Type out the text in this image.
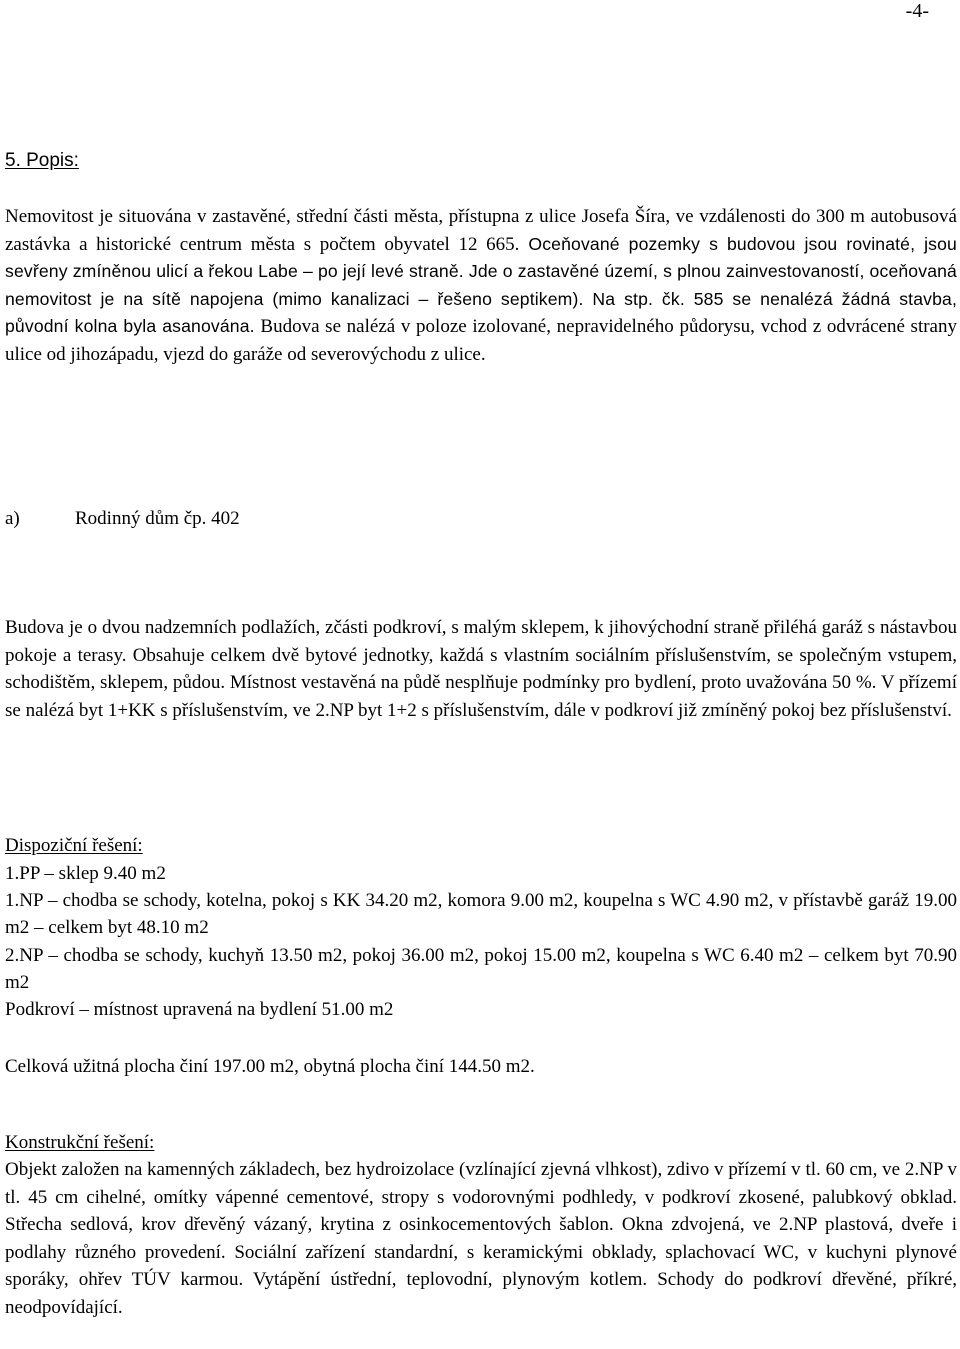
-4-
5. Popis:

Nemovitost je situována v zastavěné, střední části města, přístupna z ulice Josefa Šíra, ve vzdálenosti do 300 m autobusová zastávka a historické centrum města s počtem obyvatel 12 665. Oceňované pozemky s budovou jsou rovinaté, jsou sevřeny zmíněnou ulicí a řekou Labe – po její levé straně. Jde o zastavěné území, s plnou zainvestovaností, oceňovaná nemovitost je na sítě napojena (mimo kanalizaci – řešeno septikem). Na stp. čk. 585 se nenalézá žádná stavba, původní kolna byla asanována. Budova se nalézá v poloze izolované, nepravidelného půdorysu, vchod z odvrácené strany ulice od jihozápadu, vjezd do garáže od severovýchodu z ulice.

a)	Rodinný dům čp. 402

Budova je o dvou nadzemních podlažích, zčásti podkroví, s malým sklepem, k jihovýchodní straně přiléhá garáž s nástavbou pokoje a terasy. Obsahuje celkem dvě bytové jednotky, každá s vlastním sociálním příslušenstvím, se společným vstupem, schodištěm, sklepem, půdou. Místnost vestavěná na půdě nesplňuje podmínky pro bydlení, proto uvažována 50 %. V přízemí se nalézá byt 1+KK s příslušenstvím, ve 2.NP byt 1+2 s příslušenstvím, dále v podkroví již zmíněný pokoj bez příslušenství.

Dispoziční řešení:
1.PP – sklep 9.40 m2
1.NP – chodba se schody, kotelna, pokoj s KK 34.20 m2, komora 9.00 m2, koupelna s WC 4.90 m2, v přístavbě garáž 19.00 m2 – celkem byt 48.10 m2
2.NP – chodba se schody, kuchyň 13.50 m2, pokoj 36.00 m2, pokoj 15.00 m2, koupelna s WC 6.40 m2 – celkem byt 70.90 m2
Podkroví – místnost upravená na bydlení 51.00 m2
Celková užitná plocha činí 197.00 m2, obytná plocha činí 144.50 m2.
Konstrukční řešení:

Objekt založen na kamenných základech, bez hydroizolace (vzlínající zjevná vlhkost), zdivo v přízemí v tl. 60 cm, ve 2.NP v tl. 45 cm cihelné, omítky vápenné cementové, stropy s vodorovnými podhledy, v podkroví zkosené, palubkový obklad. Střecha sedlová, krov dřevěný vázaný, krytina z osinkocementových šablon. Okna zdvojená, ve 2.NP plastová, dveře i podlahy různého provedení. Sociální zařízení standardní, s keramickými obklady, splachovací WC, v kuchyni plynové sporáky, ohřev TÚV karmou. Vytápění ústřední, teplovodní, plynovým kotlem. Schody do podkroví dřevěné, příkré, neodpovídající.
